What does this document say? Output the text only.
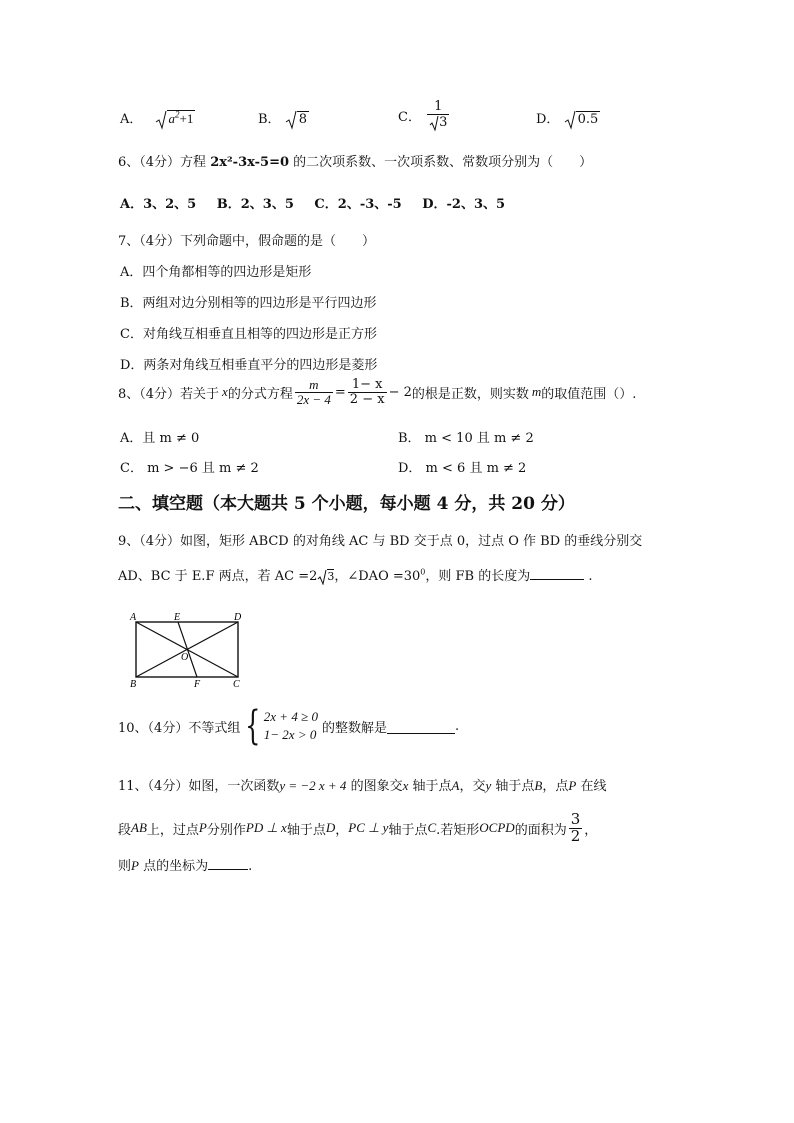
A． $a^2+1$	B． 8	C． $\frac{1}{3}$	D． 0.5
6、（4分）方程 2x²-3x-5=0 的二次项系数、一次项系数、常数项分别为（　　）
A．3、2、5 B．2、3、5 C．2、-3、-5 D．-2、3、5
7、（4分）下列命题中，假命题的是（　　）
A．四个角都相等的四边形是矩形
B．两组对边分别相等的四边形是平行四边形
C．对角线互相垂直且相等的四边形是正方形
D．两条对角线互相垂直平分的四边形是菱形
8、（4分）若关于 x 的分式方程 $\frac{m}{2x - 4} = \frac{1- x}{2 - x} - 2$ 的根是正数，则实数 m 的取值范围（）.
A．且 m ≠ 0	B． m < 10 且 m ≠ 2
C． m > −6 且 m ≠ 2	D． m < 6 且 m ≠ 2
二、填空题（本大题共 5 个小题，每小题 4 分，共 20 分）
9、（4分）如图，矩形 ABCD 的对角线 AC 与 BD 交于点 0，过点 O 作 BD 的垂线分别交
AD、BC 于 E.F 两点，若 AC =2 3，∠DAO $=30^0$，则 FB 的长度为	.
A	E	D
O
B	F	C
10、（4分）不等式组 { 2x + 4 ≥ 0
1− 2x > 0 的整数解是	.
11、（4分）如图，一次函数y = −2 x + 4 的图象交x 轴于点A，交y 轴于点B，点P 在线
段 AB 上，过点 P 分别作 PD ⊥ x 轴于点 D ， PC ⊥ y 轴于点 C .若矩形 OCPD 的面积为 $\frac{3}{2}$ ，
则P 点的坐标为	.
